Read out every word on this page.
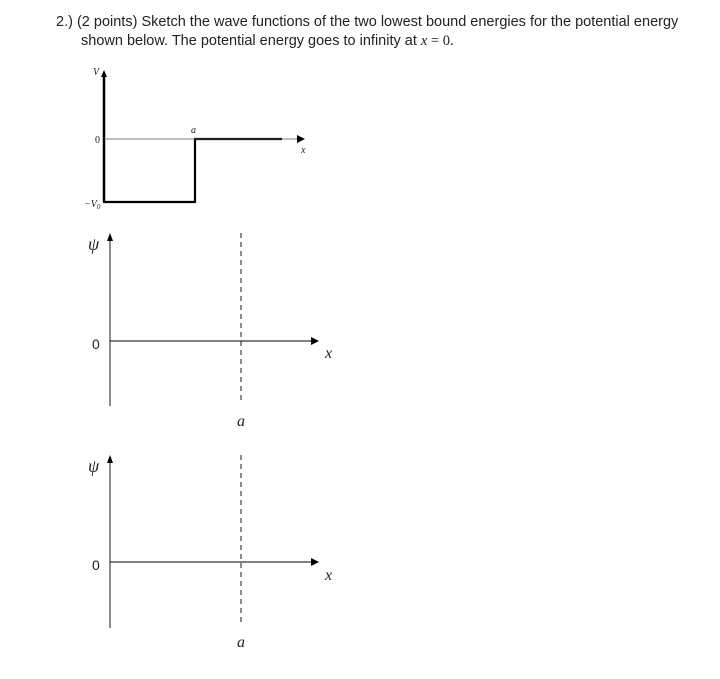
2.) (2 points) Sketch the wave functions of the two lowest bound energies for the potential energy
shown below. The potential energy goes to infinity at x = 0.
V
0
$-V_0$
a
x
ψ
0
x
a
ψ
0
x
a
